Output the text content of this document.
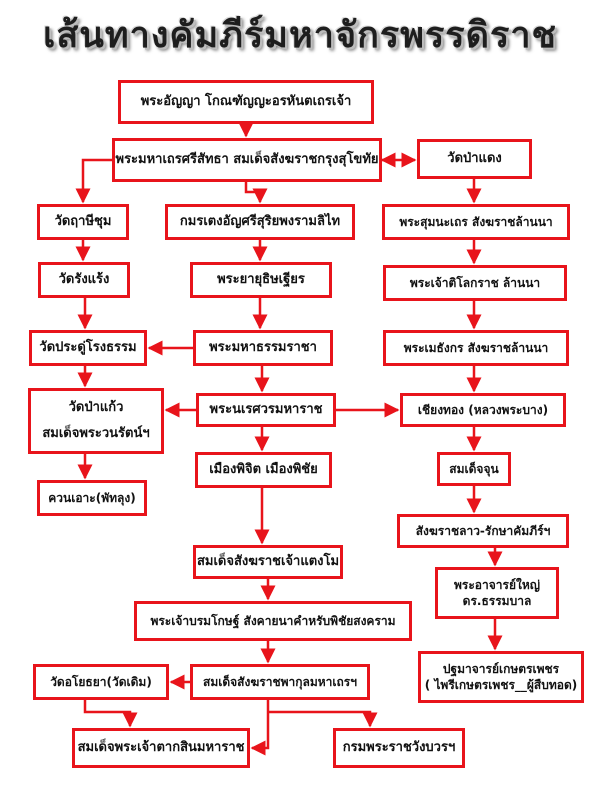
เส้นทางคัมภีร์มหาจักรพรรดิราช
พระอัญญา โกณฑัญญะอรหันตเถรเจ้า
พระมหาเถรศรีสัทธา สมเด็จสังฆราชกรุงสุโขทัย	วัดป่าแดง
วัดฤาษีชุม	กมรเตงอัญศรีสุริยพงรามลิไท	พระสุมนะเถร สังฆราชล้านนา
วัดรังแร้ง	พระยายุธิษเฐียร	พระเจ้าติโลกราช ล้านนา
วัดประดู่โรงธรรม	พระมหาธรรมราชา	พระเมธังกร สังฆราชล้านนา
วัดป่าแก้ว
สมเด็จพระวนรัตน์ฯ
พระนเรศวรมหาราช	เชียงทอง (หลวงพระบาง)
ควนเอาะ(พัทลุง)
เมืองพิจิต เมืองพิชัย	สมเด็จจุน
สังฆราชลาว-รักษาคัมภีร์ฯ
สมเด็จสังฆราชเจ้าแตงโม
พระอาจารย์ใหญ่
ดร.ธรรมบาล
พระเจ้าบรมโกษฐ์ สังคายนาคำหรับพิชัยสงคราม
ปฐมาจารย์เกษตรเพชร
( ไพรีเกษตรเพชร__ผู้สืบทอด)
วัดอโยธยา(วัดเดิม)	สมเด็จสังฆราชพากุลมหาเถรฯ
สมเด็จพระเจ้าตากสินมหาราช	กรมพระราชวังบวรฯ
